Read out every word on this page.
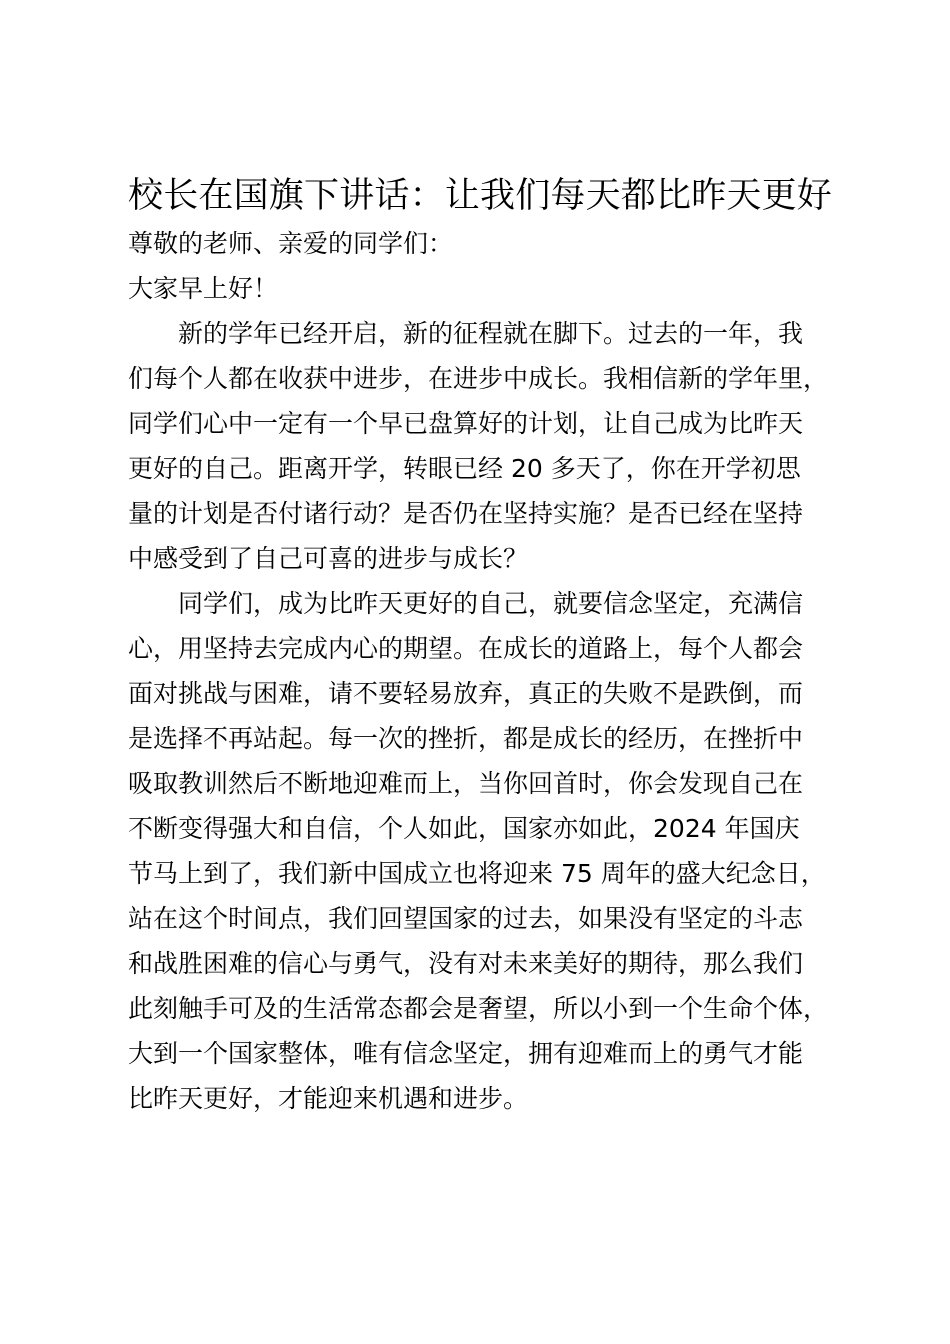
校长在国旗下讲话：让我们每天都比昨天更好

尊敬的老师、亲爱的同学们：

大家早上好！

新的学年已经开启，新的征程就在脚下。过去的一年，我
们每个人都在收获中进步，在进步中成长。我相信新的学年里，
同学们心中一定有一个早已盘算好的计划，让自己成为比昨天
更好的自己。距离开学，转眼已经 20 多天了，你在开学初思
量的计划是否付诸行动？是否仍在坚持实施？是否已经在坚持
中感受到了自己可喜的进步与成长？
同学们，成为比昨天更好的自己，就要信念坚定，充满信
心，用坚持去完成内心的期望。在成长的道路上，每个人都会
面对挑战与困难，请不要轻易放弃，真正的失败不是跌倒，而
是选择不再站起。每一次的挫折，都是成长的经历，在挫折中
吸取教训然后不断地迎难而上，当你回首时，你会发现自己在
不断变得强大和自信，个人如此，国家亦如此，2024 年国庆
节马上到了，我们新中国成立也将迎来 75 周年的盛大纪念日，
站在这个时间点，我们回望国家的过去，如果没有坚定的斗志
和战胜困难的信心与勇气，没有对未来美好的期待，那么我们
此刻触手可及的生活常态都会是奢望，所以小到一个生命个体，
大到一个国家整体，唯有信念坚定，拥有迎难而上的勇气才能
比昨天更好，才能迎来机遇和进步。
